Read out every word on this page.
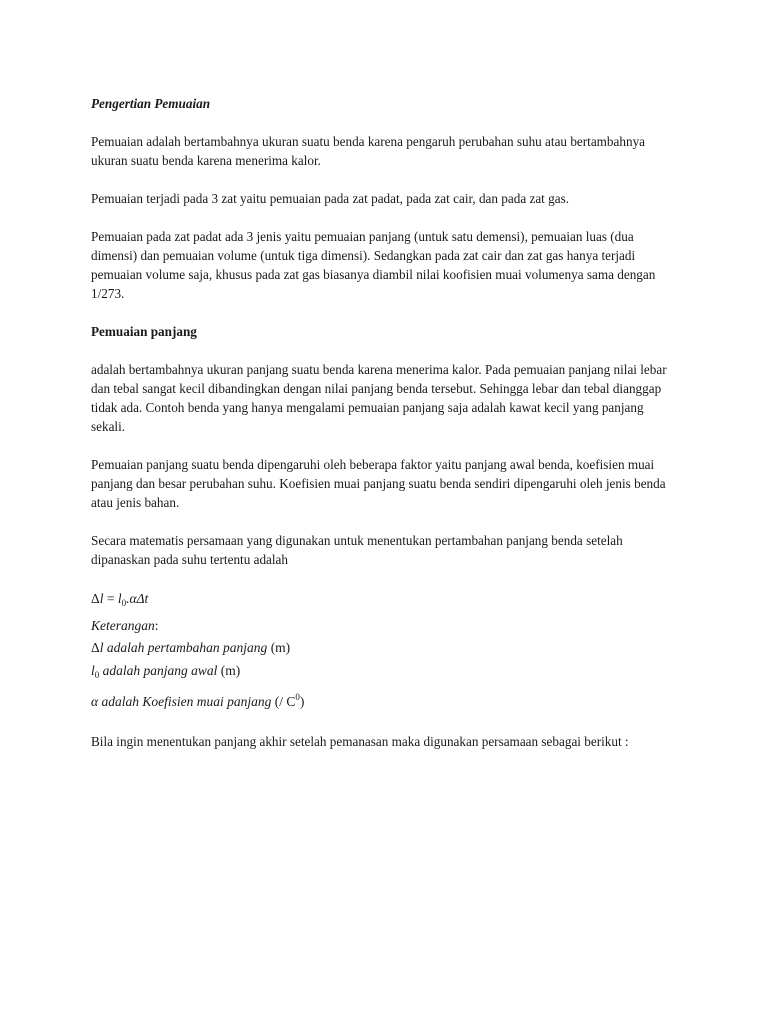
Pengertian Pemuaian

Pemuaian adalah bertambahnya ukuran suatu benda karena pengaruh perubahan suhu atau bertambahnya ukuran suatu benda karena menerima kalor.

Pemuaian terjadi pada 3 zat yaitu pemuaian pada zat padat, pada zat cair, dan pada zat gas.

Pemuaian pada zat padat ada 3 jenis yaitu pemuaian panjang (untuk satu demensi), pemuaian luas (dua dimensi) dan pemuaian volume (untuk tiga dimensi). Sedangkan pada zat cair dan zat gas hanya terjadi pemuaian volume saja, khusus pada zat gas biasanya diambil nilai koofisien muai volumenya sama dengan 1/273.

Pemuaian panjang

adalah bertambahnya ukuran panjang suatu benda karena menerima kalor. Pada pemuaian panjang nilai lebar dan tebal sangat kecil dibandingkan dengan nilai panjang benda tersebut. Sehingga lebar dan tebal dianggap tidak ada. Contoh benda yang hanya mengalami pemuaian panjang saja adalah kawat kecil yang panjang sekali.

Pemuaian panjang suatu benda dipengaruhi oleh beberapa faktor yaitu panjang awal benda, koefisien muai panjang dan besar perubahan suhu. Koefisien muai panjang suatu benda sendiri dipengaruhi oleh jenis benda atau jenis bahan.

Secara matematis persamaan yang digunakan untuk menentukan pertambahan panjang benda setelah dipanaskan pada suhu tertentu adalah

$\Delta l = l_0.\alpha\Delta t$
Keterangan:
Δl adalah pertambahan panjang (m)
$l_0$ adalah panjang awal (m)
α adalah Koefisien muai panjang (/ $C^0$)

Bila ingin menentukan panjang akhir setelah pemanasan maka digunakan persamaan sebagai berikut :
